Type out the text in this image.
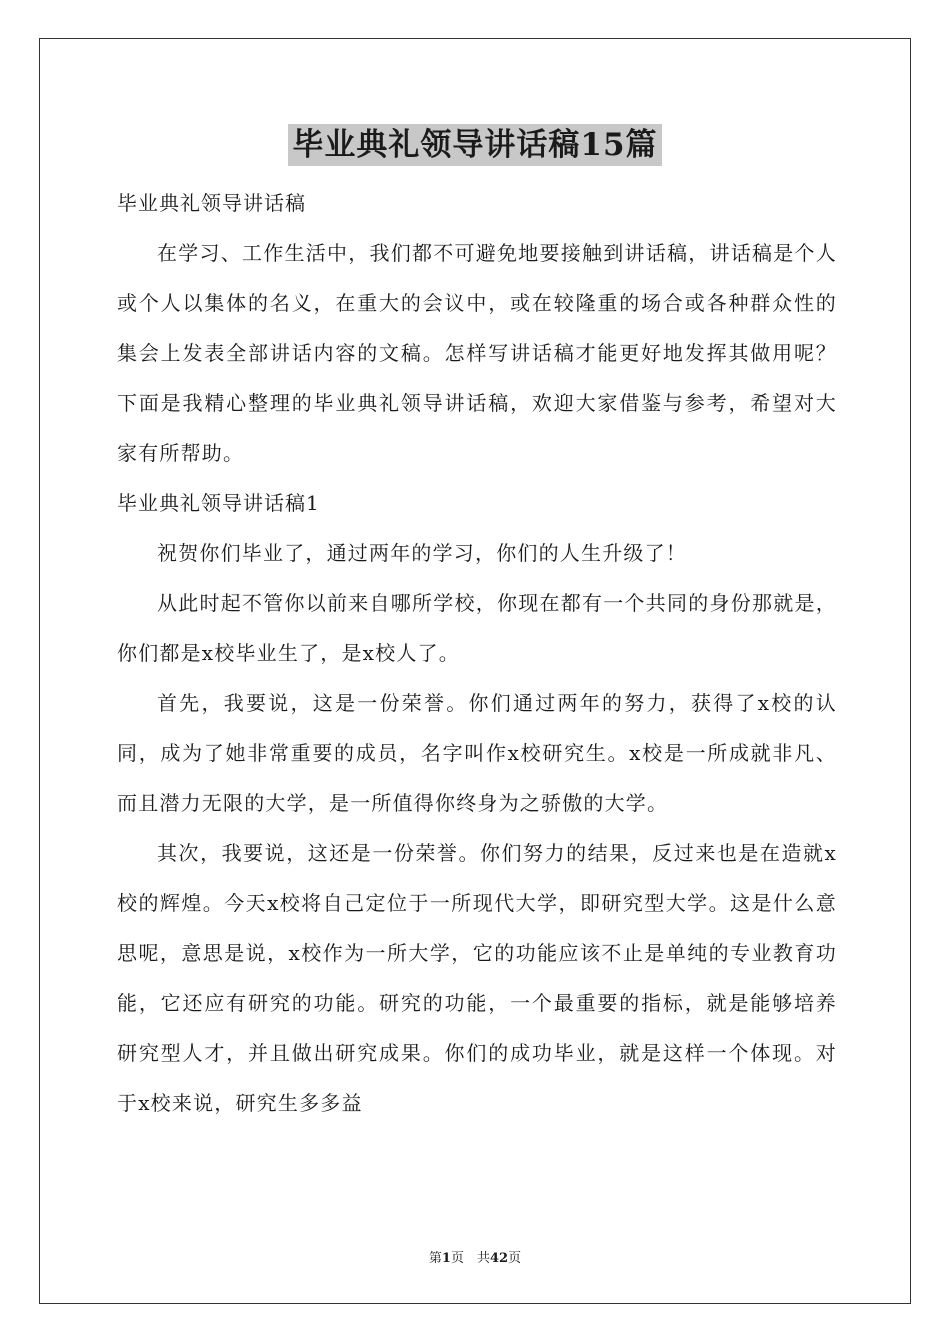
毕业典礼领导讲话稿15篇

毕业典礼领导讲话稿

在学习、工作生活中，我们都不可避免地要接触到讲话稿，讲话稿是个人或个人以集体的名义，在重大的会议中，或在较隆重的场合或各种群众性的集会上发表全部讲话内容的文稿。怎样写讲话稿才能更好地发挥其做用呢？下面是我精心整理的毕业典礼领导讲话稿，欢迎大家借鉴与参考，希望对大家有所帮助。

毕业典礼领导讲话稿1

祝贺你们毕业了，通过两年的学习，你们的人生升级了！

从此时起不管你以前来自哪所学校，你现在都有一个共同的身份那就是，你们都是x校毕业生了，是x校人了。

首先，我要说，这是一份荣誉。你们通过两年的努力，获得了x校的认同，成为了她非常重要的成员，名字叫作x校研究生。x校是一所成就非凡、而且潜力无限的大学，是一所值得你终身为之骄傲的大学。

其次，我要说，这还是一份荣誉。你们努力的结果，反过来也是在造就x校的辉煌。今天x校将自己定位于一所现代大学，即研究型大学。这是什么意思呢，意思是说，x校作为一所大学，它的功能应该不止是单纯的专业教育功能，它还应有研究的功能。研究的功能，一个最重要的指标，就是能够培养研究型人才，并且做出研究成果。你们的成功毕业，就是这样一个体现。对于x校来说，研究生多多益

第1页　共42页
